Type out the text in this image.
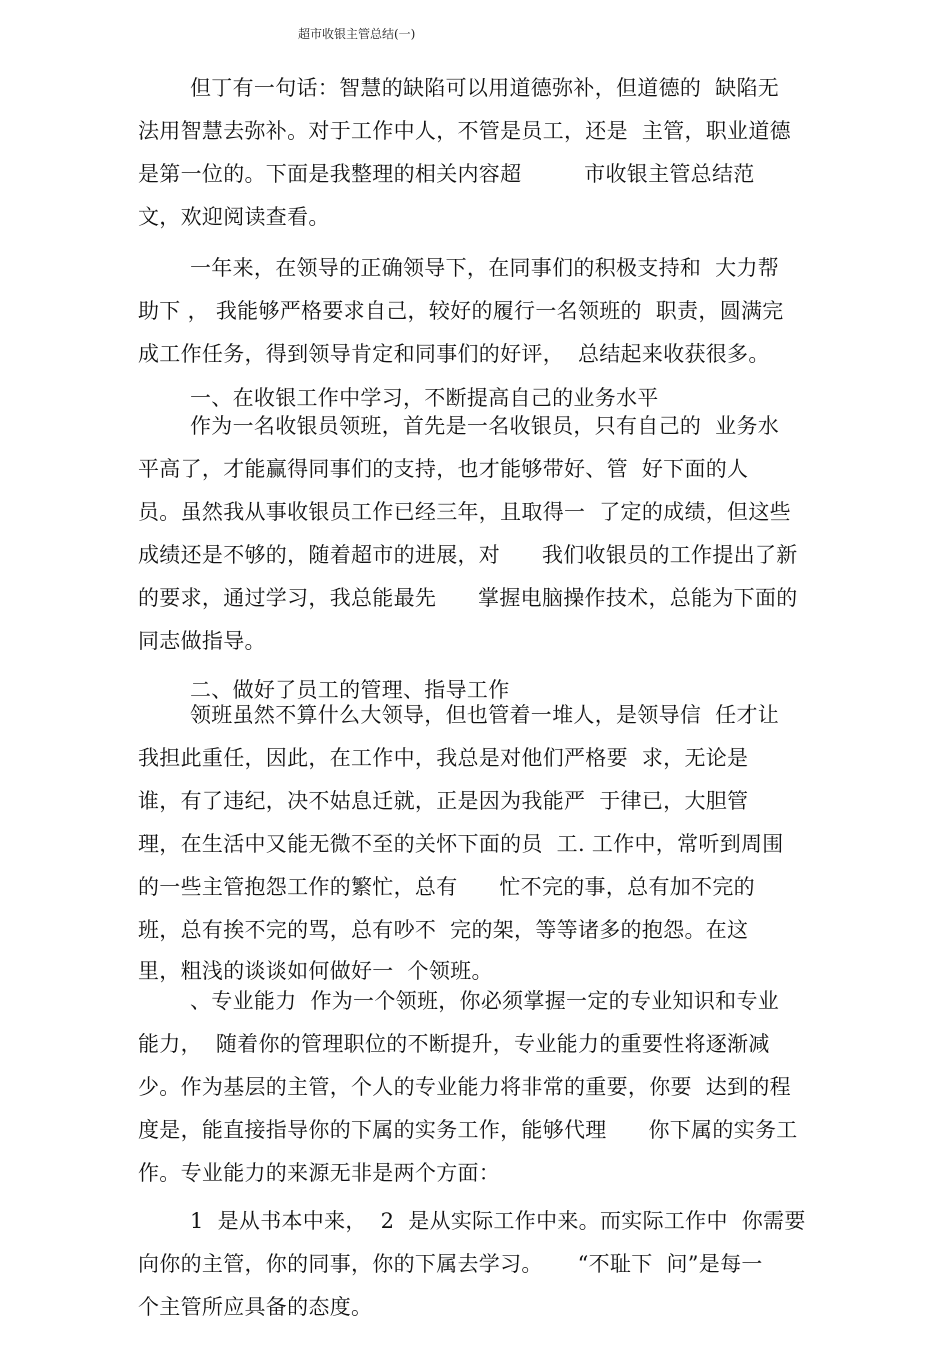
超市收银主管总结(一)
但丁有一句话：智慧的缺陷可以用道德弥补，但道德的  缺陷无
法用智慧去弥补。对于工作中人，不管是员工，还是  主管，职业道德
是第一位的。下面是我整理的相关内容超         市收银主管总结范
文，欢迎阅读查看。
一年来，在领导的正确领导下，在同事们的积极支持和  大力帮
助下 ， 我能够严格要求自己，较好的履行一名领班的  职责，圆满完
成工作任务，得到领导肯定和同事们的好评，  总结起来收获很多。
一、在收银工作中学习，不断提高自己的业务水平
作为一名收银员领班，首先是一名收银员，只有自己的  业务水
平高了，才能赢得同事们的支持，也才能够带好、管  好下面的人
员。虽然我从事收银员工作已经三年，且取得一  了定的成绩，但这些
成绩还是不够的，随着超市的进展，对      我们收银员的工作提出了新
的要求，通过学习，我总能最先      掌握电脑操作技术，总能为下面的
同志做指导。
二、做好了员工的管理、指导工作
领班虽然不算什么大领导，但也管着一堆人，是领导信  任才让
我担此重任，因此，在工作中，我总是对他们严格要  求，无论是
谁，有了违纪，决不姑息迁就，正是因为我能严  于律已，大胆管
理，在生活中又能无微不至的关怀下面的员  工. 工作中，常听到周围
的一些主管抱怨工作的繁忙，总有      忙不完的事，总有加不完的
班，总有挨不完的骂，总有吵不  完的架，等等诸多的抱怨。在这
里，粗浅的谈谈如何做好一  个领班。
、专业能力  作为一个领班，你必须掌握一定的专业知识和专业
能力，  随着你的管理职位的不断提升，专业能力的重要性将逐渐减
少。作为基层的主管，个人的专业能力将非常的重要，你要  达到的程
度是，能直接指导你的下属的实务工作，能够代理      你下属的实务工
作。专业能力的来源无非是两个方面：
1  是从书本中来，  2  是从实际工作中来。而实际工作中  你需要
向你的主管，你的同事，你的下属去学习。     “不耻下  问”是每一
个主管所应具备的态度。
